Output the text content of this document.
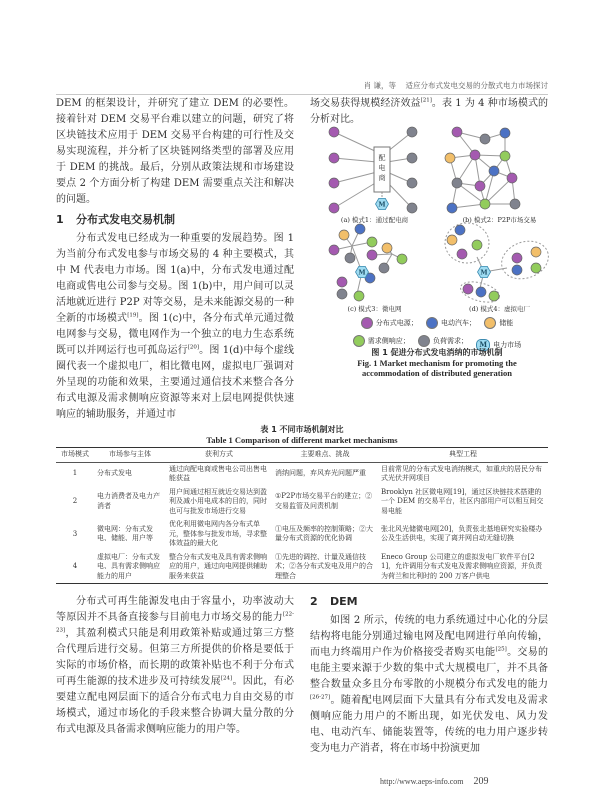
肖 谦，等 适应分布式发电交易的分散式电力市场探讨

DEM 的框架设计，并研究了建立 DEM 的必要性。接着针对 DEM 交易平台难以建立的问题，研究了将区块链技术应用于 DEM 交易平台构建的可行性及交易实现流程，并分析了区块链网络类型的部署及应用于 DEM 的挑战。最后，分别从政策法规和市场建设要点 2 个方面分析了构建 DEM 需要重点关注和解决的问题。

1 分布式发电交易机制

分布式发电已经成为一种重要的发展趋势。图 1 为当前分布式发电参与市场交易的 4 种主要模式，其中 M 代表电力市场。图 1(a)中，分布式发电通过配电商或售电公司参与交易。图 1(b)中，用户间可以灵活地就近进行 P2P 对等交易，是未来能源交易的一种全新的市场模式[19]。图 1(c)中，各分布式单元通过微电网参与交易，微电网作为一个独立的电力生态系统既可以并网运行也可孤岛运行[20]。图 1(d)中每个虚线圈代表一个虚拟电厂，相比微电网，虚拟电厂强调对外呈现的功能和效果，主要通过通信技术来整合各分布式电源及需求侧响应资源等来对上层电网提供快速响应的辅助服务，并通过市

分布式可再生能源发电由于容量小，功率波动大等原因并不具备直接参与目前电力市场交易的能力[22-23]，其盈利模式只能是利用政策补贴或通过第三方整合代理后进行交易。但第三方所提供的价格是要低于实际的市场价格，而长期的政策补贴也不利于分布式可再生能源的技术进步及可持续发展[24]。因此，有必要建立配电网层面下的适合分布式电力自由交易的市场模式，通过市场化的手段来整合协调大量分散的分布式电源及具备需求侧响应能力的用户等。

场交易获得规模经济效益[21]。表 1 为 4 种市场模式的分析对比。

M
M	M
配电商
(a) 模式1：通过配电商	(b) 模式2：P2P市场交易
(c) 模式3：微电网	(d) 模式4：虚拟电厂
分布式电源；
	电动汽车；
	储能
需求侧响应；
	负荷需求；
	M 电力市场
图 1 促进分布式发电消纳的市场机制
Fig. 1 Market mechanism for promoting the
accommodation of distributed generation
表 1 不同市场机制对比
Table 1 Comparison of different market mechanisms
市场模式	市场参与主体	获利方式	主要难点、挑战	典型工程
1	分布式发电	通过向配电商或售电公司出售电能获益	消纳问题，弃风弃光问题严重	目前常见的分布式发电消纳模式，如重庆的居民分布式光伏并网项目
2	电力消费者及电力产消者	用户间通过相互就近交易达到盈利及减小用电成本的目的，同时也可与批发市场进行交易	①P2P市场交易平台的建立；②交易监管及问责机制	Brooklyn 社区微电网[19]，通过区块链技术搭建的一个 DEM 的交易平台，社区内部用户可以相互间交易电能
3	微电网：分布式发电、储能、用户等	优化利用微电网内各分布式单元，整体参与批发市场，寻求整体效益的最大化	①电压及频率的控制策略；②大量分布式资源的优化协调	张北风光储微电网[20]，负责张北基地研究实验楼办公及生活供电，实现了离并网自动无缝切换
4	虚拟电厂：分布式发电、具有需求侧响应能力的用户	整合分布式发电及具有需求侧响应的用户，通过向电网提供辅助服务来获益	①先进的调控、计量及通信技术；②各分布式发电及用户的合理整合	Eneco Group 公司建立的虚拟发电厂软件平台[21]，允许调用分布式发电及需求侧响应资源，并负责为荷兰和比利时的 200 万客户供电
2 DEM

如图 2 所示，传统的电力系统通过中心化的分层结构将电能分别通过输电网及配电网进行单向传输，而电力终端用户作为价格接受者购买电能[25]。交易的电能主要来源于少数的集中式大规模电厂，并不具备整合数量众多且分布零散的小规模分布式发电的能力[26-27]。随着配电网层面下大量具有分布式发电及需求侧响应能力用户的不断出现，如光伏发电、风力发电、电动汽车、储能装置等，传统的电力用户逐步转变为电力产消者，将在市场中扮演更加

http://www.aeps-info.com 209
